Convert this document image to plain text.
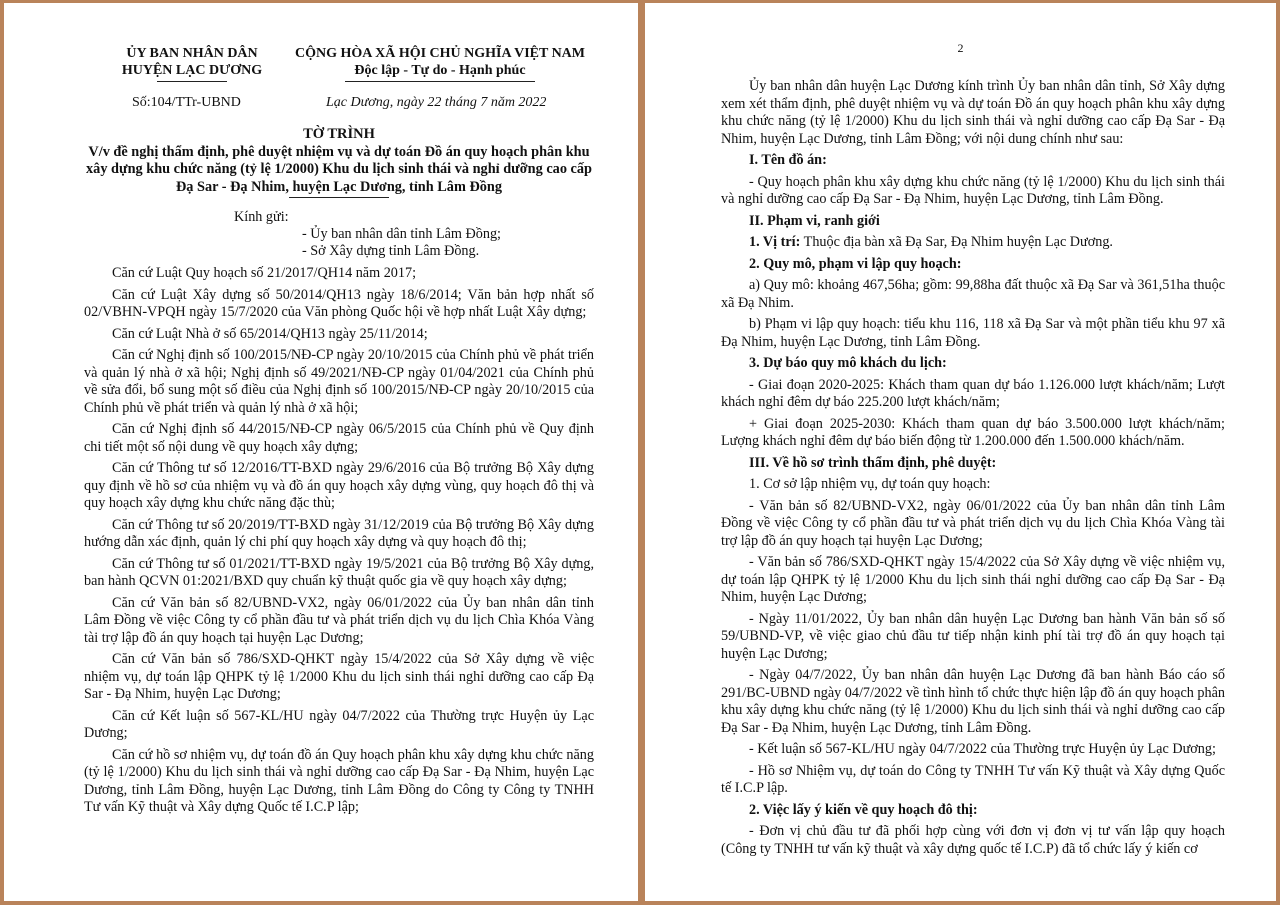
ỦY BAN NHÂN DÂN
HUYỆN LẠC DƯƠNG
CỘNG HÒA XÃ HỘI CHỦ NGHĨA VIỆT NAM
Độc lập - Tự do - Hạnh phúc
Số:104/TTr-UBND	Lạc Dương, ngày 22 tháng 7 năm 2022
TỜ TRÌNH
V/v đề nghị thẩm định, phê duyệt nhiệm vụ và dự toán Đồ án quy hoạch phân khu xây dựng khu chức năng (tỷ lệ 1/2000) Khu du lịch sinh thái và nghỉ dưỡng cao cấp Đạ Sar - Đạ Nhim, huyện Lạc Dương, tỉnh Lâm Đồng
Kính gửi:
- Ủy ban nhân dân tỉnh Lâm Đồng;
- Sở Xây dựng tỉnh Lâm Đồng.

Căn cứ Luật Quy hoạch số 21/2017/QH14 năm 2017;

Căn cứ Luật Xây dựng số 50/2014/QH13 ngày 18/6/2014; Văn bản hợp nhất số 02/VBHN-VPQH ngày 15/7/2020 của Văn phòng Quốc hội về hợp nhất Luật Xây dựng;

Căn cứ Luật Nhà ở số 65/2014/QH13 ngày 25/11/2014;

Căn cứ Nghị định số 100/2015/NĐ-CP ngày 20/10/2015 của Chính phủ về phát triển và quản lý nhà ở xã hội; Nghị định số 49/2021/NĐ-CP ngày 01/04/2021 của Chính phủ về sửa đổi, bổ sung một số điều của Nghị định số 100/2015/NĐ-CP ngày 20/10/2015 của Chính phủ về phát triển và quản lý nhà ở xã hội;

Căn cứ Nghị định số 44/2015/NĐ-CP ngày 06/5/2015 của Chính phủ về Quy định chi tiết một số nội dung về quy hoạch xây dựng;

Căn cứ Thông tư số 12/2016/TT-BXD ngày 29/6/2016 của Bộ trưởng Bộ Xây dựng quy định về hồ sơ của nhiệm vụ và đồ án quy hoạch xây dựng vùng, quy hoạch đô thị và quy hoạch xây dựng khu chức năng đặc thù;

Căn cứ Thông tư số 20/2019/TT-BXD ngày 31/12/2019 của Bộ trưởng Bộ Xây dựng hướng dẫn xác định, quản lý chi phí quy hoạch xây dựng và quy hoạch đô thị;

Căn cứ Thông tư số 01/2021/TT-BXD ngày 19/5/2021 của Bộ trưởng Bộ Xây dựng, ban hành QCVN 01:2021/BXD quy chuẩn kỹ thuật quốc gia về quy hoạch xây dựng;

Căn cứ Văn bản số 82/UBND-VX2, ngày 06/01/2022 của Ủy ban nhân dân tỉnh Lâm Đồng về việc Công ty cổ phần đầu tư và phát triển dịch vụ du lịch Chìa Khóa Vàng tài trợ lập đồ án quy hoạch tại huyện Lạc Dương;

Căn cứ Văn bản số 786/SXD-QHKT ngày 15/4/2022 của Sở Xây dựng về việc nhiệm vụ, dự toán lập QHPK tỷ lệ 1/2000 Khu du lịch sinh thái nghỉ dưỡng cao cấp Đạ Sar - Đạ Nhim, huyện Lạc Dương;

Căn cứ Kết luận số 567-KL/HU ngày 04/7/2022 của Thường trực Huyện ủy Lạc Dương;

Căn cứ hồ sơ nhiệm vụ, dự toán đồ án Quy hoạch phân khu xây dựng khu chức năng (tỷ lệ 1/2000) Khu du lịch sinh thái và nghỉ dưỡng cao cấp Đạ Sar - Đạ Nhim, huyện Lạc Dương, tỉnh Lâm Đồng, huyện Lạc Dương, tỉnh Lâm Đồng do Công ty Công ty TNHH Tư vấn Kỹ thuật và Xây dựng Quốc tế I.C.P lập;

2

Ủy ban nhân dân huyện Lạc Dương kính trình Ủy ban nhân dân tỉnh, Sở Xây dựng xem xét thẩm định, phê duyệt nhiệm vụ và dự toán Đồ án quy hoạch phân khu xây dựng khu chức năng (tỷ lệ 1/2000) Khu du lịch sinh thái và nghỉ dưỡng cao cấp Đạ Sar - Đạ Nhim, huyện Lạc Dương, tỉnh Lâm Đồng; với nội dung chính như sau:

I. Tên đồ án:

- Quy hoạch phân khu xây dựng khu chức năng (tỷ lệ 1/2000) Khu du lịch sinh thái và nghỉ dưỡng cao cấp Đạ Sar - Đạ Nhim, huyện Lạc Dương, tỉnh Lâm Đồng.

II. Phạm vi, ranh giới

1. Vị trí: Thuộc địa bàn xã Đạ Sar, Đạ Nhim huyện Lạc Dương.

2. Quy mô, phạm vi lập quy hoạch:

a) Quy mô: khoảng 467,56ha; gồm: 99,88ha đất thuộc xã Đạ Sar và 361,51ha thuộc xã Đạ Nhim.

b) Phạm vi lập quy hoạch: tiểu khu 116, 118 xã Đạ Sar và một phần tiểu khu 97 xã Đạ Nhim, huyện Lạc Dương, tỉnh Lâm Đồng.

3. Dự báo quy mô khách du lịch:

- Giai đoạn 2020-2025: Khách tham quan dự báo 1.126.000 lượt khách/năm; Lượt khách nghỉ đêm dự báo 225.200 lượt khách/năm;

+ Giai đoạn 2025-2030: Khách tham quan dự báo 3.500.000 lượt khách/năm; Lượng khách nghỉ đêm dự báo biến động từ 1.200.000 đến 1.500.000 khách/năm.

III. Về hồ sơ trình thẩm định, phê duyệt:

1. Cơ sở lập nhiệm vụ, dự toán quy hoạch:

- Văn bản số 82/UBND-VX2, ngày 06/01/2022 của Ủy ban nhân dân tỉnh Lâm Đồng về việc Công ty cổ phần đầu tư và phát triển dịch vụ du lịch Chìa Khóa Vàng tài trợ lập đồ án quy hoạch tại huyện Lạc Dương;

- Văn bản số 786/SXD-QHKT ngày 15/4/2022 của Sở Xây dựng về việc nhiệm vụ, dự toán lập QHPK tỷ lệ 1/2000 Khu du lịch sinh thái nghỉ dưỡng cao cấp Đạ Sar - Đạ Nhim, huyện Lạc Dương;

- Ngày 11/01/2022, Ủy ban nhân dân huyện Lạc Dương ban hành Văn bản số số 59/UBND-VP, về việc giao chủ đầu tư tiếp nhận kinh phí tài trợ đồ án quy hoạch tại huyện Lạc Dương;

- Ngày 04/7/2022, Ủy ban nhân dân huyện Lạc Dương đã ban hành Báo cáo số 291/BC-UBND ngày 04/7/2022 về tình hình tổ chức thực hiện lập đồ án quy hoạch phân khu xây dựng khu chức năng (tỷ lệ 1/2000) Khu du lịch sinh thái và nghỉ dưỡng cao cấp Đạ Sar - Đạ Nhim, huyện Lạc Dương, tỉnh Lâm Đồng.

- Kết luận số 567-KL/HU ngày 04/7/2022 của Thường trực Huyện ủy Lạc Dương;

- Hồ sơ Nhiệm vụ, dự toán do Công ty TNHH Tư vấn Kỹ thuật và Xây dựng Quốc tế I.C.P lập.

2. Việc lấy ý kiến về quy hoạch đô thị:

- Đơn vị chủ đầu tư đã phối hợp cùng với đơn vị đơn vị tư vấn lập quy hoạch (Công ty TNHH tư vấn kỹ thuật và xây dựng quốc tế I.C.P) đã tổ chức lấy ý kiến cơ
